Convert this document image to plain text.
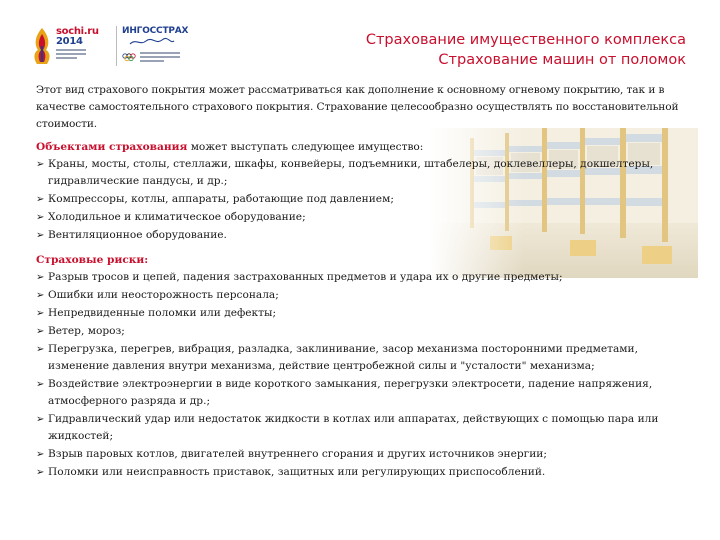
sochi.ru
2014
ИНГОССТРАХ
Страхование имущественного комплекса
Страхование машин от поломок

Этот вид страхового покрытия может рассматриваться как дополнение к основному огневому покрытию, так и в качестве самостоятельного страхового покрытия. Страхование целесообразно осуществлять по восстановительной стоимости.

Объектами страхования может выступать следующее имущество:

➢ Краны, мосты, столы, стеллажи, шкафы, конвейеры, подъемники, штабелеры, доклевеллеры, докшелтеры, гидравлические пандусы, и др.;
➢ Компрессоры, котлы, аппараты, работающие под давлением;
➢ Холодильное и климатическое оборудование;
➢ Вентиляционное оборудование.

Страховые риски:

➢ Разрыв тросов и цепей, падения застрахованных предметов и удара их о другие предметы;
➢ Ошибки или неосторожность персонала;
➢ Непредвиденные поломки или дефекты;
➢ Ветер, мороз;
➢ Перегрузка, перегрев, вибрация, разладка, заклинивание, засор механизма посторонними предметами, изменение давления внутри механизма, действие центробежной силы и "усталости" механизма;
➢ Воздействие электроэнергии в виде короткого замыкания, перегрузки электросети, падение напряжения, атмосферного разряда и др.;
➢ Гидравлический удар или недостаток жидкости в котлах или аппаратах, действующих с помощью пара или жидкостей;
➢ Взрыв паровых котлов, двигателей внутреннего сгорания и других источников энергии;
➢ Поломки или неисправность приставок, защитных или регулирующих приспособлений.
